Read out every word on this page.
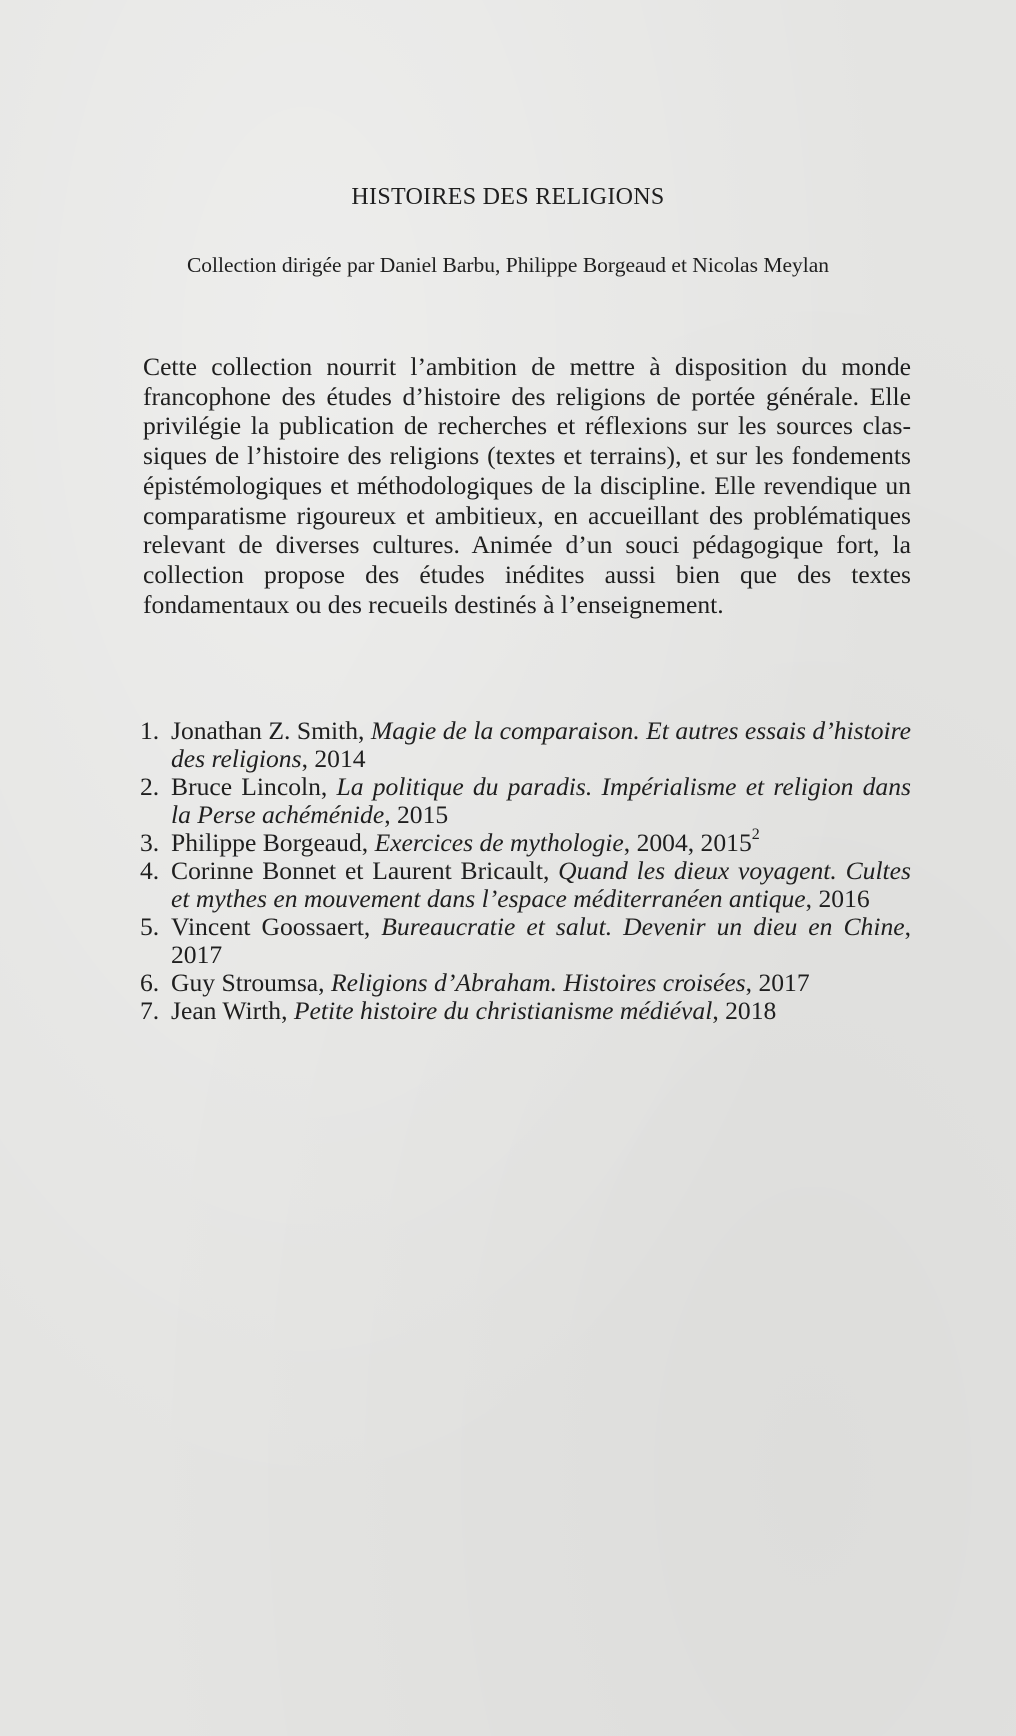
HISTOIRES DES RELIGIONS

Collection dirigée par Daniel Barbu, Philippe Borgeaud et Nicolas Meylan

Cette collection nourrit l’ambition de mettre à disposition du monde francophone des études d’histoire des religions de portée générale. Elle privilégie la publication de recherches et réflexions sur les sources classiques de l’histoire des religions (textes et terrains), et sur les fondements épistémologiques et méthodologiques de la discipline. Elle revendique un comparatisme rigoureux et ambitieux, en accueillant des problématiques relevant de diverses cultures. Animée d’un souci pédagogique fort, la collection propose des études inédites aussi bien que des textes fondamentaux ou des recueils destinés à l’enseignement.

1. Jonathan Z. Smith, Magie de la comparaison. Et autres essais d’histoire des religions, 2014
2. Bruce Lincoln, La politique du paradis. Impérialisme et religion dans la Perse achéménide, 2015
3. Philippe Borgeaud, Exercices de mythologie, 2004, 2015$^2$
4. Corinne Bonnet et Laurent Bricault, Quand les dieux voyagent. Cultes et mythes en mouvement dans l’espace méditerranéen antique, 2016
5. Vincent Goossaert, Bureaucratie et salut. Devenir un dieu en Chine, 2017
6. Guy Stroumsa, Religions d’Abraham. Histoires croisées, 2017
7. Jean Wirth, Petite histoire du christianisme médiéval, 2018
